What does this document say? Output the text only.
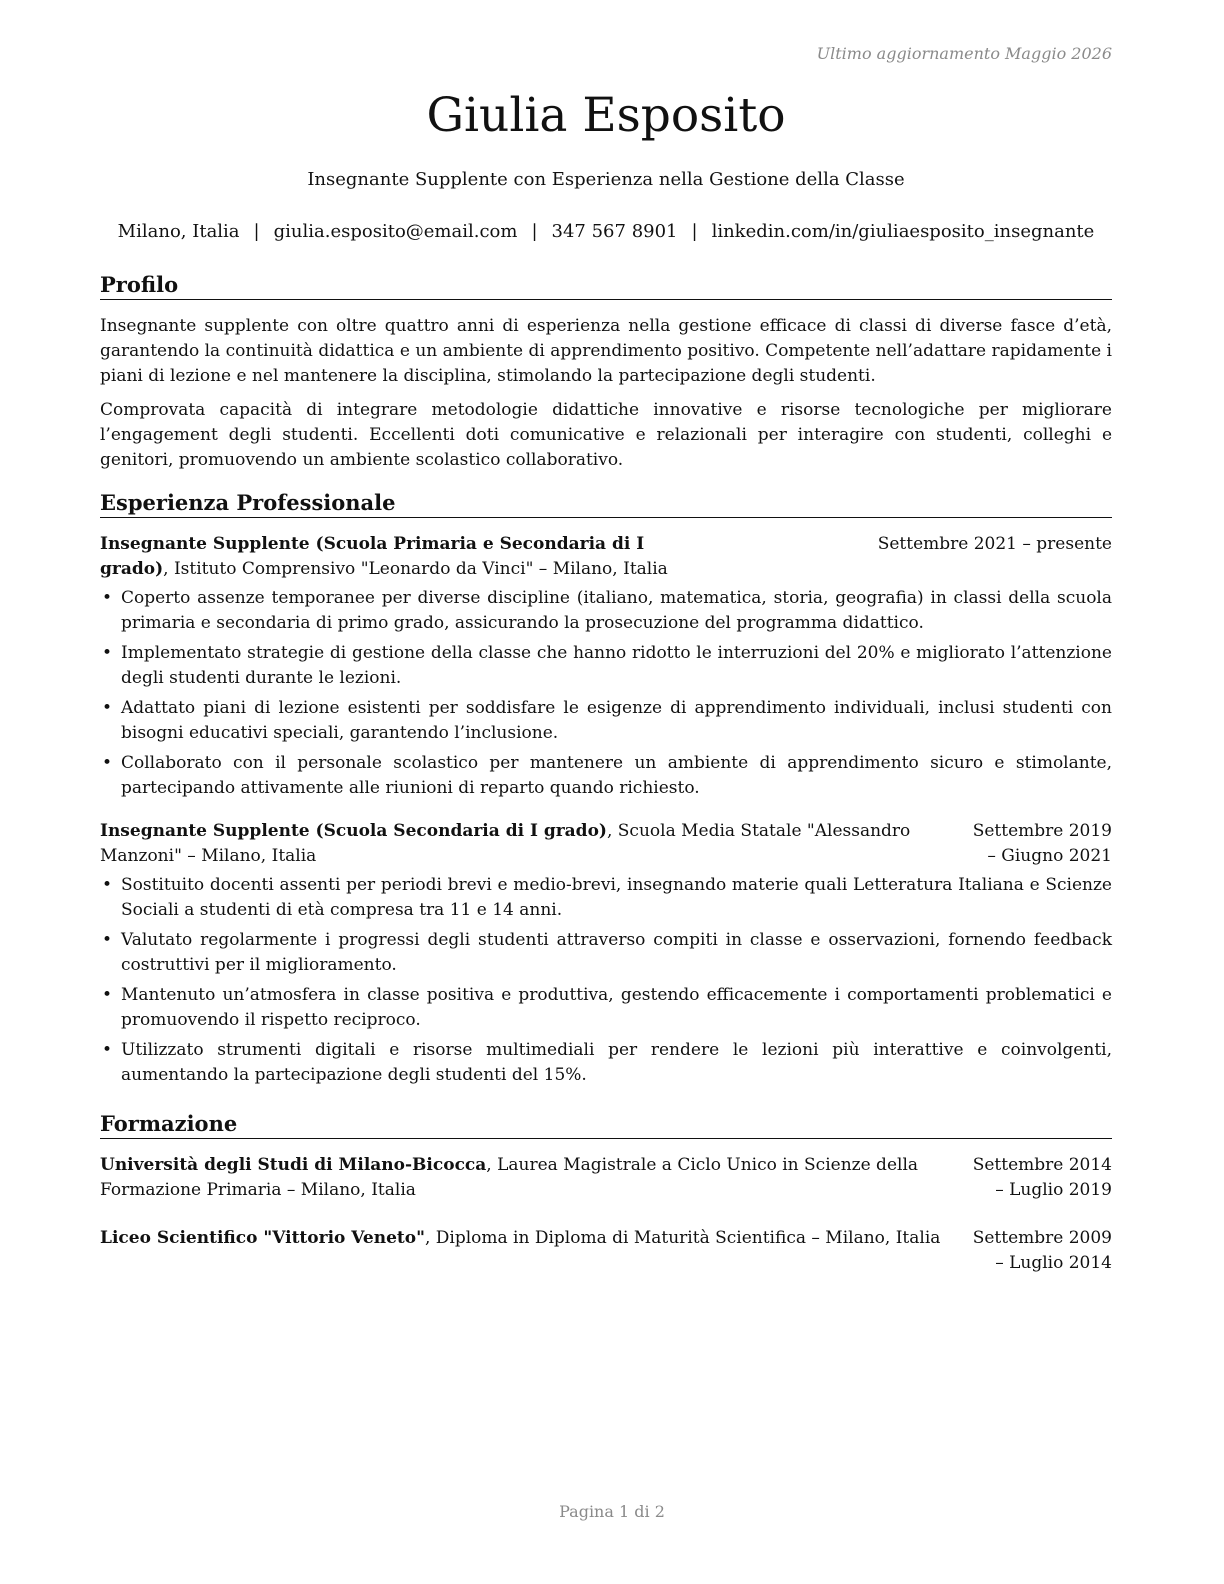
Ultimo aggiornamento Maggio 2026
Giulia Esposito
Insegnante Supplente con Esperienza nella Gestione della Classe
Milano, Italia | giulia.esposito@email.com | 347 567 8901 | linkedin.com/in/giuliaesposito_insegnante
Profilo

Insegnante supplente con oltre quattro anni di esperienza nella gestione efficace di classi di diverse fasce d’età, garantendo la continuità didattica e un ambiente di apprendimento positivo. Competente nell’adattare rapidamente i piani di lezione e nel mantenere la disciplina, stimolando la partecipazione degli studenti.

Comprovata capacità di integrare metodologie didattiche innovative e risorse tecnologiche per migliorare l’engagement degli studenti. Eccellenti doti comunicative e relazionali per interagire con studenti, colleghi e genitori, promuovendo un ambiente scolastico collaborativo.

Esperienza Professionale
Insegnante Supplente (Scuola Primaria e Secondaria di I grado), Istituto Comprensivo "Leonardo da Vinci" – Milano, Italia
Settembre 2021 – presente
• Coperto assenze temporanee per diverse discipline (italiano, matematica, storia, geografia) in classi della scuola primaria e secondaria di primo grado, assicurando la prosecuzione del programma didattico.
• Implementato strategie di gestione della classe che hanno ridotto le interruzioni del 20% e migliorato l’attenzione degli studenti durante le lezioni.
• Adattato piani di lezione esistenti per soddisfare le esigenze di apprendimento individuali, inclusi studenti con bisogni educativi speciali, garantendo l’inclusione.
• Collaborato con il personale scolastico per mantenere un ambiente di apprendimento sicuro e stimolante, partecipando attivamente alle riunioni di reparto quando richiesto.
Insegnante Supplente (Scuola Secondaria di I grado), Scuola Media Statale "Alessandro Manzoni" – Milano, Italia
Settembre 2019 – Giugno 2021
• Sostituito docenti assenti per periodi brevi e medio-brevi, insegnando materie quali Letteratura Italiana e Scienze Sociali a studenti di età compresa tra 11 e 14 anni.
• Valutato regolarmente i progressi degli studenti attraverso compiti in classe e osservazioni, fornendo feedback costruttivi per il miglioramento.
• Mantenuto un’atmosfera in classe positiva e produttiva, gestendo efficacemente i comportamenti problematici e promuovendo il rispetto reciproco.
• Utilizzato strumenti digitali e risorse multimediali per rendere le lezioni più interattive e coinvolgenti, aumentando la partecipazione degli studenti del 15%.
Formazione
Università degli Studi di Milano-Bicocca, Laurea Magistrale a Ciclo Unico in Scienze della Formazione Primaria – Milano, Italia
Settembre 2014 – Luglio 2019
Liceo Scientifico "Vittorio Veneto", Diploma in Diploma di Maturità Scientifica – Milano, Italia	Settembre 2009 – Luglio 2014
Pagina 1 di 2
